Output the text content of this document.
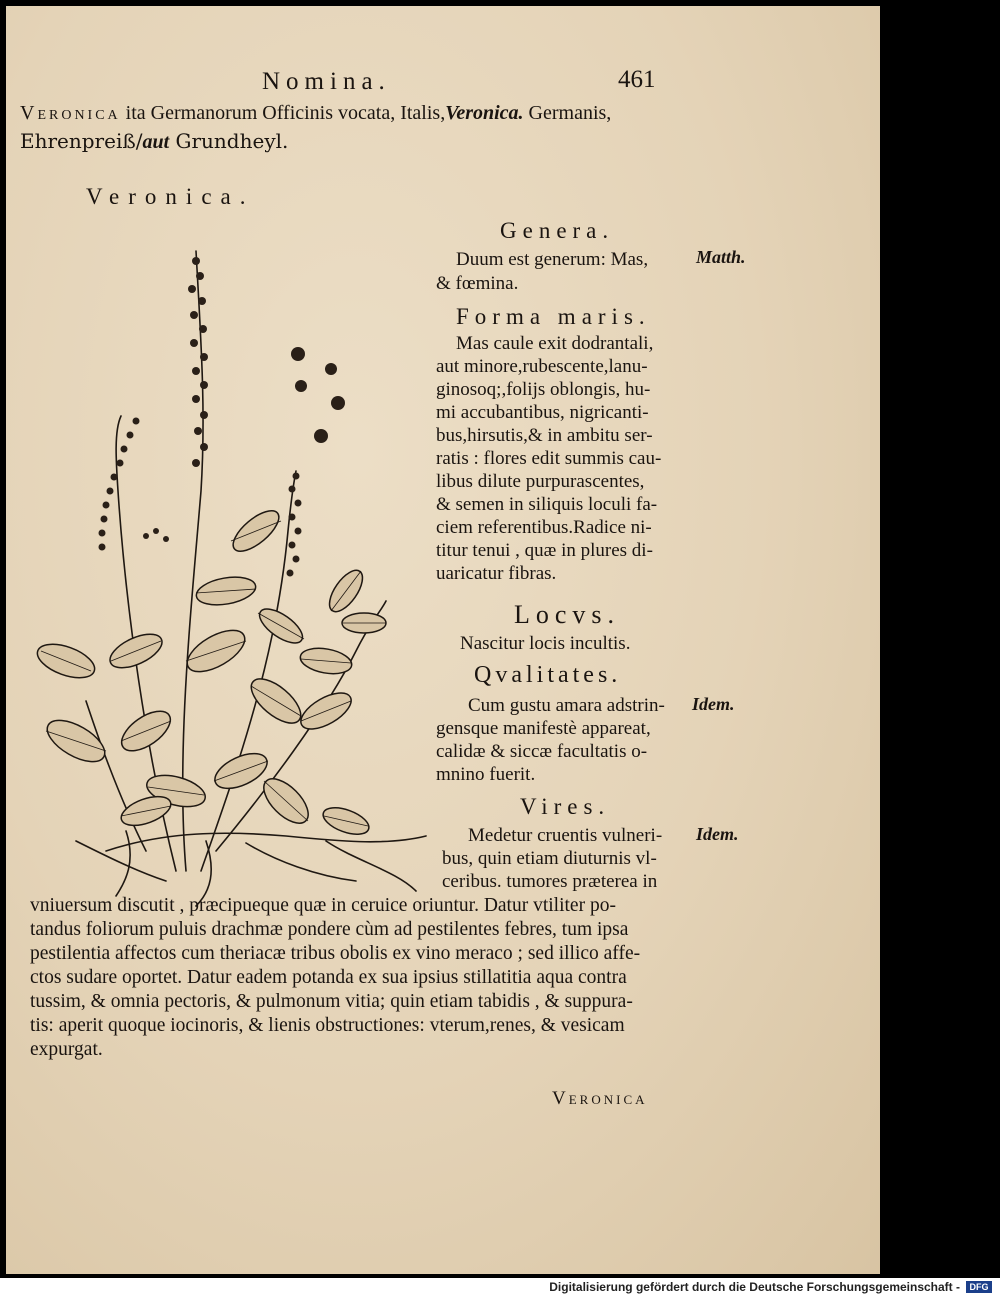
Nomina.	461
Veronica ita Germanorum Officinis vocata, Italis,Veronica. Germanis,
Ehrenpreiß/aut Grundheyl.
Veronica.
Genera.
Duum est generum: Mas,
& fœmina.
Matth.
Forma maris.
Mas caule exit dodrantali,
aut minore,rubescente,lanu-
ginosoq;,folijs oblongis, hu-
mi accubantibus, nigricanti-
bus,hirsutis,& in ambitu ser-
ratis : flores edit summis cau-
libus dilute purpurascentes,
& semen in siliquis loculi fa-
ciem referentibus.Radice ni-
titur tenui , quæ in plures di-
uaricatur fibras.
Locvs.
Nascitur locis incultis.
Qvalitates.
Cum gustu amara adstrin-
gensque manifestè appareat,
calidæ & siccæ facultatis o-
mnino fuerit.
Idem.
Vires.
Medetur cruentis vulneri-
bus, quin etiam diuturnis vl-
ceribus. tumores præterea in
Idem.
vniuersum discutit , præcipueque quæ in ceruice oriuntur. Datur vtiliter po-
tandus foliorum puluis drachmæ pondere cùm ad pestilentes febres, tum ipsa
pestilentia affectos cum theriacæ tribus obolis ex vino meraco ; sed illico affe-
ctos sudare oportet. Datur eadem potanda ex sua ipsius stillatitia aqua contra
tussim, & omnia pectoris, & pulmonum vitia; quin etiam tabidis , & suppura-
tis: aperit quoque iocinoris, & lienis obstructiones: vterum,renes, & vesicam
expurgat.
Veronica
Digitalisierung gefördert durch die Deutsche Forschungsgemeinschaft -	DFG
